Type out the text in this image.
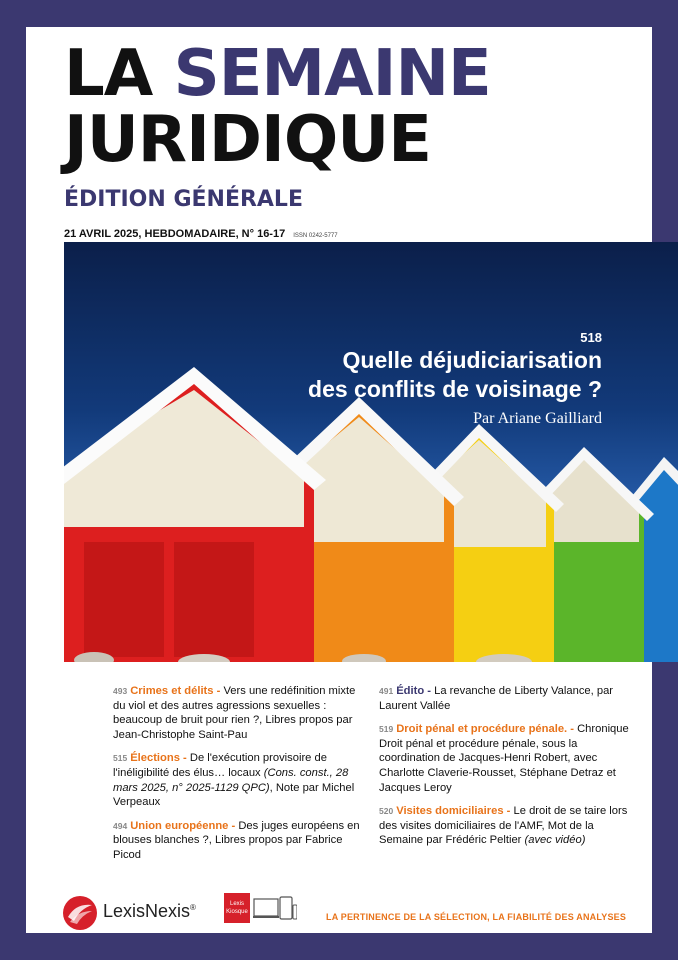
LA SEMAINE
JURIDIQUE
ÉDITION GÉNÉRALE
21 AVRIL 2025, HEBDOMADAIRE, N° 16-17 ISSN 0242-5777
518
Quelle déjudiciarisation
des conflits de voisinage ?
Par Ariane Gailliard
493 Crimes et délits - Vers une redéfinition mixte du viol et des autres agressions sexuelles : beaucoup de bruit pour rien ?, Libres propos par Jean-Christophe Saint-Pau
515 Élections - De l'exécution provisoire de l'inéligibilité des élus… locaux (Cons. const., 28 mars 2025, n° 2025-1129 QPC), Note par Michel Verpeaux
494 Union européenne - Des juges européens en blouses blanches ?, Libres propos par Fabrice Picod
491 Édito - La revanche de Liberty Valance, par Laurent Vallée
519 Droit pénal et procédure pénale. - Chronique Droit pénal et procédure pénale, sous la coordination de Jacques-Henri Robert, avec Charlotte Claverie-Rousset, Stéphane Detraz et Jacques Leroy
520 Visites domiciliaires - Le droit de se taire lors des visites domiciliaires de l'AMF, Mot de la Semaine par Frédéric Peltier (avec vidéo)
LexisNexis®	Lexis
Kiosque	LA PERTINENCE DE LA SÉLECTION, LA FIABILITÉ DES ANALYSES
